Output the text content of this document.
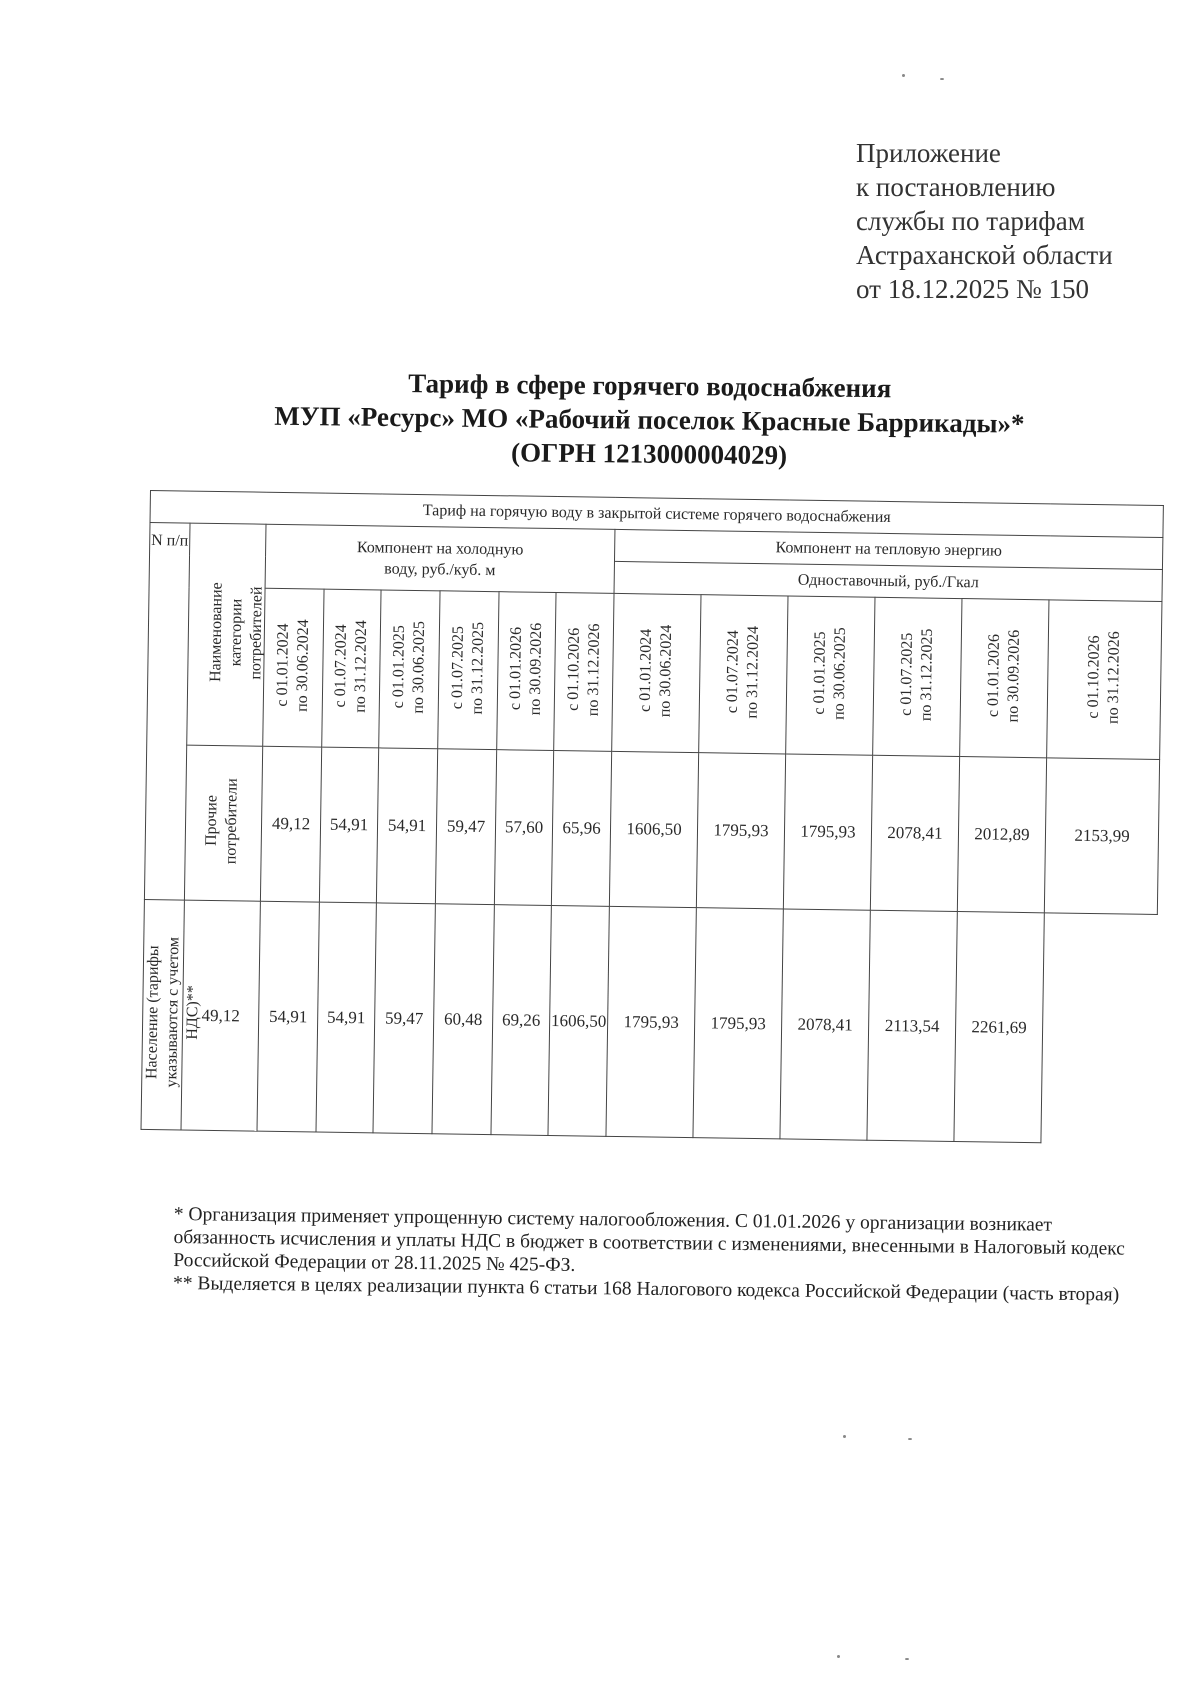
Приложение
к постановлению
службы по тарифам
Астраханской области
от 18.12.2025 № 150
Тариф в сфере горячего водоснабжения
МУП «Ресурс» МО «Рабочий поселок Красные Баррикады»*
(ОГРН 1213000004029)
Тариф на горячую воду в закрытой системе горячего водоснабжения													
N п/п	Наименование категории потребителей	Компонент на холодную воду, руб./куб. м						Компонент на тепловую энергию					
								Одноставочный, руб./Гкал					
		с 01.01.2024 по 30.06.2024	с 01.07.2024 по 31.12.2024	с 01.01.2025 по 30.06.2025	с 01.07.2025 по 31.12.2025	с 01.01.2026 по 30.09.2026	с 01.10.2026 по 31.12.2026	с 01.01.2024 по 30.06.2024	с 01.07.2024 по 31.12.2024	с 01.01.2025 по 30.06.2025	с 01.07.2025 по 31.12.2025	с 01.01.2026 по 30.09.2026	с 01.10.2026 по 31.12.2026
	Прочие потребители	49,12	54,91	54,91	59,47	57,60	65,96	1606,50	1795,93	1795,93	2078,41	2012,89	2153,99
Население (тарифы указываются с учетом НДС)**	49,12	54,91	54,91	59,47	60,48	69,26	1606,50	1795,93	1795,93	2078,41	2113,54	2261,69	

* Организация применяет упрощенную систему налогообложения. С 01.01.2026 у организации возникает обязанность исчисления и уплаты НДС в бюджет в соответствии с изменениями, внесенными в Налоговый кодекс Российской Федерации от 28.11.2025 № 425-ФЗ.

** Выделяется в целях реализации пункта 6 статьи 168 Налогового кодекса Российской Федерации (часть вторая)
